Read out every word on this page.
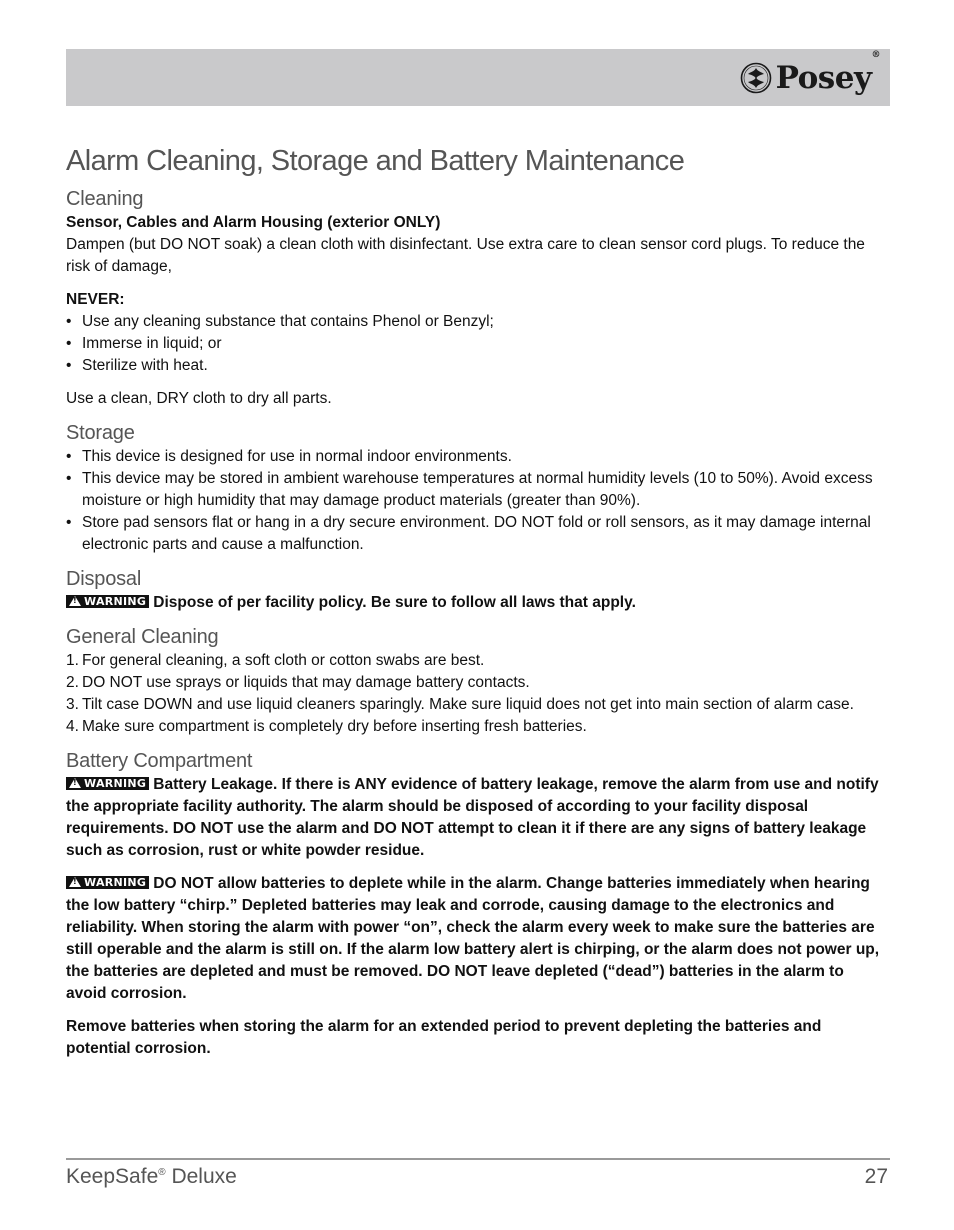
Posey®
Alarm Cleaning, Storage and Battery Maintenance
Cleaning

Sensor, Cables and Alarm Housing (exterior ONLY)

Dampen (but DO NOT soak) a clean cloth with disinfectant. Use extra care to clean sensor cord plugs. To reduce the risk of damage,

NEVER:

• Use any cleaning substance that contains Phenol or Benzyl;
• Immerse in liquid; or
• Sterilize with heat.

Use a clean, DRY cloth to dry all parts.

Storage
• This device is designed for use in normal indoor environments.
• This device may be stored in ambient warehouse temperatures at normal humidity levels (10 to 50%). Avoid excess moisture or high humidity that may damage product materials (greater than 90%).
• Store pad sensors flat or hang in a dry secure environment. DO NOT fold or roll sensors, as it may damage internal electronic parts and cause a malfunction.
Disposal

!WARNING Dispose of per facility policy. Be sure to follow all laws that apply.

General Cleaning
1. For general cleaning, a soft cloth or cotton swabs are best.
2. DO NOT use sprays or liquids that may damage battery contacts.
3. Tilt case DOWN and use liquid cleaners sparingly. Make sure liquid does not get into main section of alarm case.
4. Make sure compartment is completely dry before inserting fresh batteries.
Battery Compartment

!WARNING Battery Leakage. If there is ANY evidence of battery leakage, remove the alarm from use and notify the appropriate facility authority. The alarm should be disposed of according to your facility disposal requirements. DO NOT use the alarm and DO NOT attempt to clean it if there are any signs of battery leakage such as corrosion, rust or white powder residue.

!WARNING DO NOT allow batteries to deplete while in the alarm. Change batteries immediately when hearing the low battery “chirp.” Depleted batteries may leak and corrode, causing damage to the electronics and reliability. When storing the alarm with power “on”, check the alarm every week to make sure the batteries are still operable and the alarm is still on. If the alarm low battery alert is chirping, or the alarm does not power up, the batteries are depleted and must be removed. DO NOT leave depleted (“dead”) batteries in the alarm to avoid corrosion.

Remove batteries when storing the alarm for an extended period to prevent depleting the batteries and potential corrosion.

KeepSafe® Deluxe	27
